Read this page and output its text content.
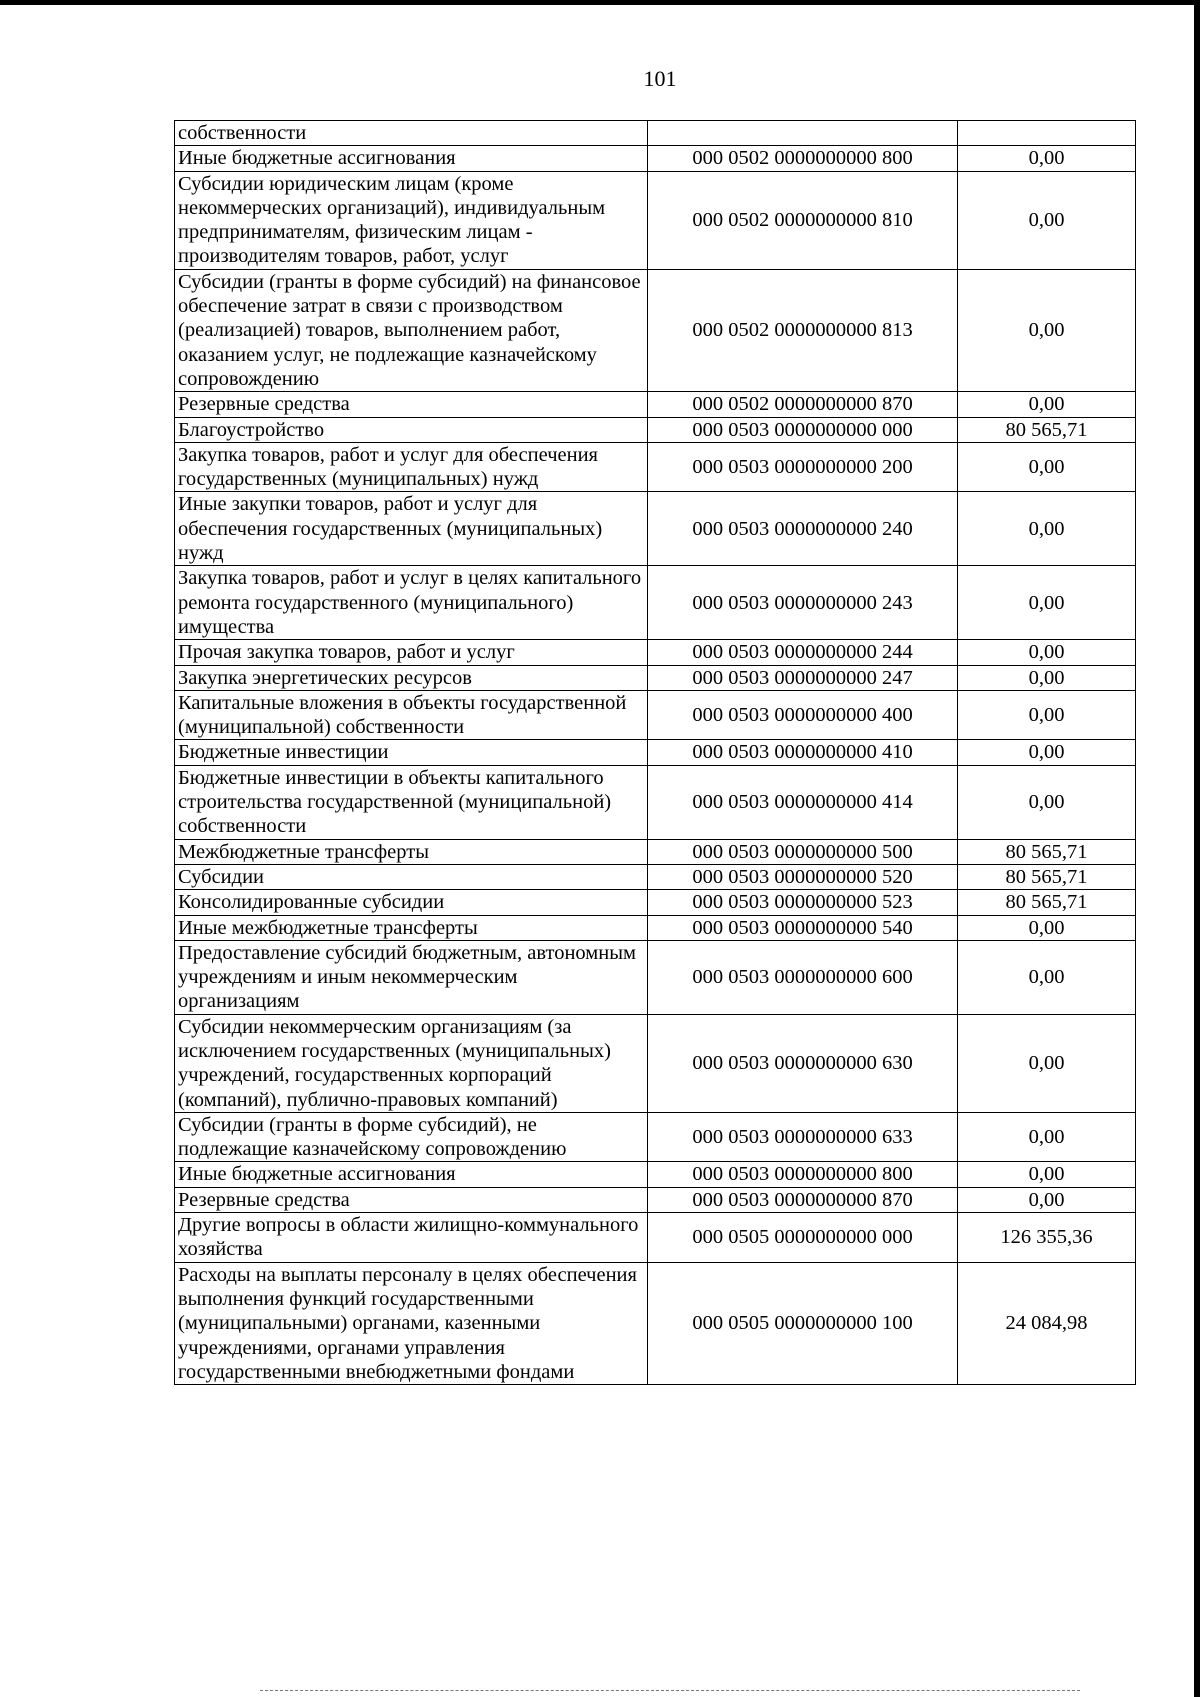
101
собственности		
Иные бюджетные ассигнования	000 0502 0000000000 800	0,00
Субсидии юридическим лицам (кроме некоммерческих организаций), индивидуальным предпринимателям, физическим лицам - производителям товаров, работ, услуг	000 0502 0000000000 810	0,00
Субсидии (гранты в форме субсидий) на финансовое обеспечение затрат в связи с производством (реализацией) товаров, выполнением работ, оказанием услуг, не подлежащие казначейскому сопровождению	000 0502 0000000000 813	0,00
Резервные средства	000 0502 0000000000 870	0,00
Благоустройство	000 0503 0000000000 000	80 565,71
Закупка товаров, работ и услуг для обеспечения государственных (муниципальных) нужд	000 0503 0000000000 200	0,00
Иные закупки товаров, работ и услуг для обеспечения государственных (муниципальных) нужд	000 0503 0000000000 240	0,00
Закупка товаров, работ и услуг в целях капитального ремонта государственного (муниципального) имущества	000 0503 0000000000 243	0,00
Прочая закупка товаров, работ и услуг	000 0503 0000000000 244	0,00
Закупка энергетических ресурсов	000 0503 0000000000 247	0,00
Капитальные вложения в объекты государственной (муниципальной) собственности	000 0503 0000000000 400	0,00
Бюджетные инвестиции	000 0503 0000000000 410	0,00
Бюджетные инвестиции в объекты капитального строительства государственной (муниципальной) собственности	000 0503 0000000000 414	0,00
Межбюджетные трансферты	000 0503 0000000000 500	80 565,71
Субсидии	000 0503 0000000000 520	80 565,71
Консолидированные субсидии	000 0503 0000000000 523	80 565,71
Иные межбюджетные трансферты	000 0503 0000000000 540	0,00
Предоставление субсидий бюджетным, автономным учреждениям и иным некоммерческим организациям	000 0503 0000000000 600	0,00
Субсидии некоммерческим организациям (за исключением государственных (муниципальных) учреждений, государственных корпораций (компаний), публично-правовых компаний)	000 0503 0000000000 630	0,00
Субсидии (гранты в форме субсидий), не подлежащие казначейскому сопровождению	000 0503 0000000000 633	0,00
Иные бюджетные ассигнования	000 0503 0000000000 800	0,00
Резервные средства	000 0503 0000000000 870	0,00
Другие вопросы в области жилищно-коммунального хозяйства	000 0505 0000000000 000	126 355,36
Расходы на выплаты персоналу в целях обеспечения выполнения функций государственными (муниципальными) органами, казенными учреждениями, органами управления государственными внебюджетными фондами	000 0505 0000000000 100	24 084,98
